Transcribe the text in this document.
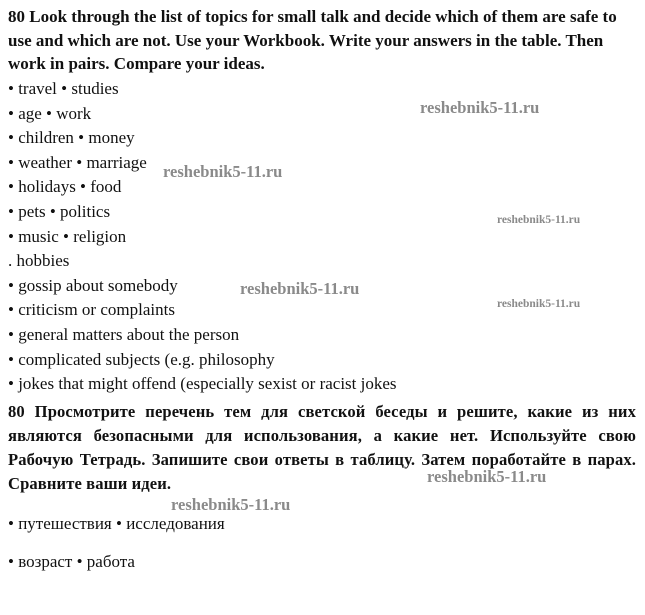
80 Look through the list of topics for small talk and decide which of them are safe to use and which are not. Use your Workbook. Write your answers in the table. Then work in pairs. Compare your ideas.

• travel • studies
• age • work
• children • money
• weather • marriage
• holidays • food
• pets • politics
• music • religion
. hobbies
• gossip about somebody
• criticism or complaints
• general matters about the person
• complicated subjects (e.g. philosophy
• jokes that might offend (especially sexist or racist jokes

80 Просмотрите перечень тем для светской беседы и решите, какие из них являются безопасными для использования, а какие нет. Используйте свою Рабочую Тетрадь. Запишите свои ответы в таблицу. Затем поработайте в парах. Сравните ваши идеи.

• путешествия • исследования
• возраст • работа
reshebnik5-11.ru
reshebnik5-11.ru
reshebnik5-11.ru
reshebnik5-11.ru
reshebnik5-11.ru
reshebnik5-11.ru
reshebnik5-11.ru
